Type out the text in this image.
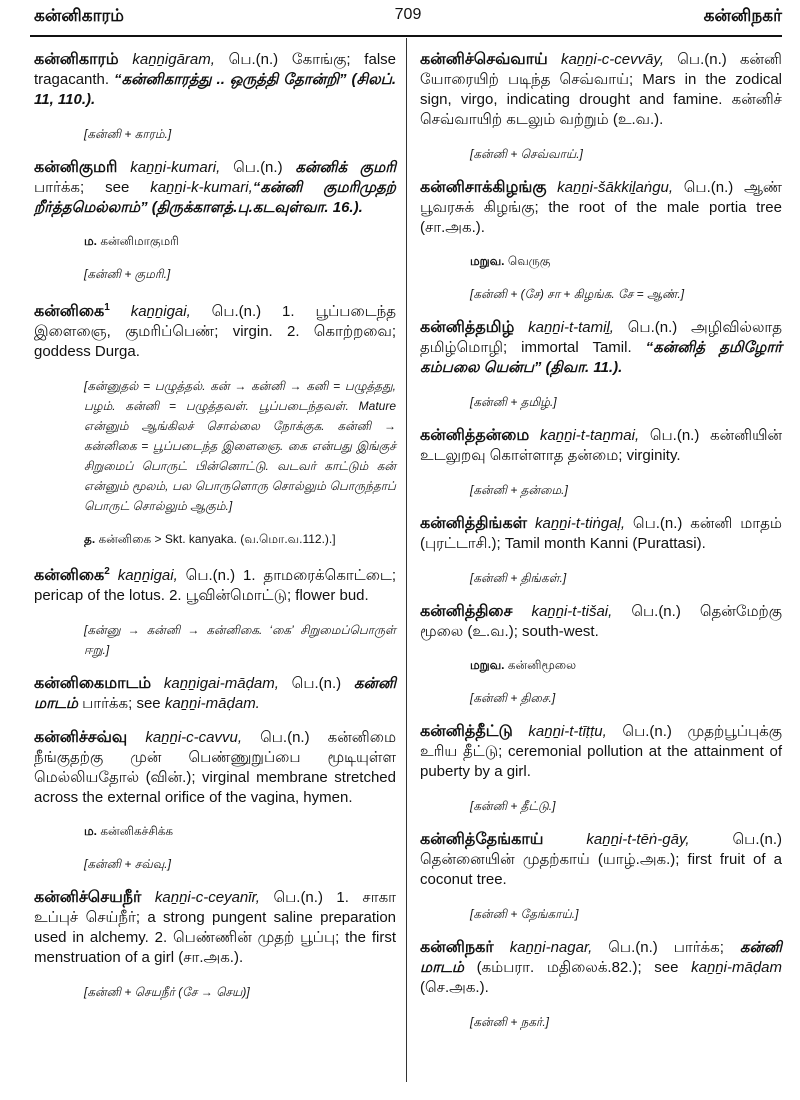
கன்னிகாரம்	709	கன்னிநகர்
கன்னிகாரம் kaṉṉigāram, பெ.(n.) கோங்கு; false tragacanth. “கன்னிகாரத்து .. ஒருத்தி தோன்றி” (சிலப். 11, 110.).
[கன்னி + காரம்.]
கன்னிகுமரி kaṉṉi-kumari, பெ.(n.) கன்னிக் குமரி பார்க்க; see kaṉṉi-k-kumari,“கன்னி குமரிமுதற் றீர்த்தமெல்லாம்” (திருக்காளத்.பு.கடவுள்வா. 16.).
ம. கன்னிமாகுமரி
[கன்னி + குமரி.]
கன்னிகை$^1$ kaṉṉigai, பெ.(n.) 1. பூப்படைந்த இளைஞை, குமரிப்பெண்; virgin. 2. கொற்றவை; goddess Durga.
[கன்னுதல் = பழுத்தல். கன் → கன்னி → கனி = பழுத்தது, பழம். கன்னி = பழுத்தவள். பூப்படைந்தவள். Mature என்னும் ஆங்கிலச் சொல்லை நோக்குக. கன்னி → கன்னிகை = பூப்படைந்த இளைஞை. கை என்பது இங்குச் சிறுமைப் பொருட் பின்னொட்டு. வடவர் காட்டும் கன் என்னும் மூலம், பல பொருளொரு சொல்லும் பொருந்தாப் பொருட் சொல்லும் ஆகும்.]
த. கன்னிகை > Skt. kanyaka. (வ.மொ.வ.112.).]
கன்னிகை$^2$ kaṉṉigai, பெ.(n.) 1. தாமரைக்கொட்டை; pericap of the lotus. 2. பூவின்மொட்டு; flower bud.
[கன்னு → கன்னி → கன்னிகை. ‘கை’ சிறுமைப்பொருள் ஈறு.]
கன்னிகைமாடம் kaṉṉigai-māḍam, பெ.(n.) கன்னி மாடம் பார்க்க; see kaṉṉi-māḍam.
கன்னிச்சவ்வு kaṉṉi-c-cavvu, பெ.(n.) கன்னிமை நீங்குதற்கு முன் பெண்ணுறுப்பை மூடியுள்ள மெல்லியதோல் (வின்.); virginal membrane stretched across the external orifice of the vagina, hymen.
ம. கன்னிகச்சிக்க
[கன்னி + சவ்வு.]
கன்னிச்செயநீர் kaṉṉi-c-ceyanīr, பெ.(n.) 1. சாகா உப்புச் செய்நீர்; a strong pungent saline preparation used in alchemy. 2. பெண்ணின் முதற் பூப்பு; the first menstruation of a girl (சா.அக.).
[கன்னி + செயநீர் (சே → செய)]
கன்னிச்செவ்வாய் kaṉṉi-c-cevvāy, பெ.(n.) கன்னி யோரையிற் படிந்த செவ்வாய்; Mars in the zodical sign, virgo, indicating drought and famine. கன்னிச் செவ்வாயிற் கடலும் வற்றும் (உ.வ.).
[கன்னி + செவ்வாய்.]
கன்னிசாக்கிழங்கு kaṉṉi-šākkiḻaṅgu, பெ.(n.) ஆண் பூவரசுக் கிழங்கு; the root of the male portia tree (சா.அக.).
மறுவ. வெருகு
[கன்னி + (சே) சா + கிழங்க. சே = ஆண்.]
கன்னித்தமிழ் kaṉṉi-t-tamiḻ, பெ.(n.) அழிவில்லாத தமிழ்மொழி; immortal Tamil. “கன்னித் தமிழோர் கம்பலை யென்ப” (திவா. 11.).
[கன்னி + தமிழ்.]
கன்னித்தன்மை kaṉṉi-t-taṉmai, பெ.(n.) கன்னியின் உடலுறவு கொள்ளாத தன்மை; virginity.
[கன்னி + தன்மை.]
கன்னித்திங்கள் kaṉṉi-t-tiṅgaḷ, பெ.(n.) கன்னி மாதம் (புரட்டாசி.); Tamil month Kanni (Purattasi).
[கன்னி + திங்கள்.]
கன்னித்திசை kaṉṉi-t-tišai, பெ.(n.) தென்மேற்கு மூலை (உ.வ.); south-west.
மறுவ. கன்னிமூலை
[கன்னி + திசை.]
கன்னித்தீட்டு kaṉṉi-t-tīṭṭu, பெ.(n.) முதற்பூப்புக்கு உரிய தீட்டு; ceremonial pollution at the attainment of puberty by a girl.
[கன்னி + தீட்டு.]
கன்னித்தேங்காய்	kaṉṉi-t-tēṅ-gāy,	பெ.(n.) தென்னையின் முதற்காய் (யாழ்.அக.); first fruit of a coconut tree.
[கன்னி + தேங்காய்.]
கன்னிநகர் kaṉṉi-nagar, பெ.(n.) பார்க்க; கன்னி மாடம் (கம்பரா. மதிலைக்.82.); see kaṉṉi-māḍam (செ.அக.).
[கன்னி + நகர்.]
